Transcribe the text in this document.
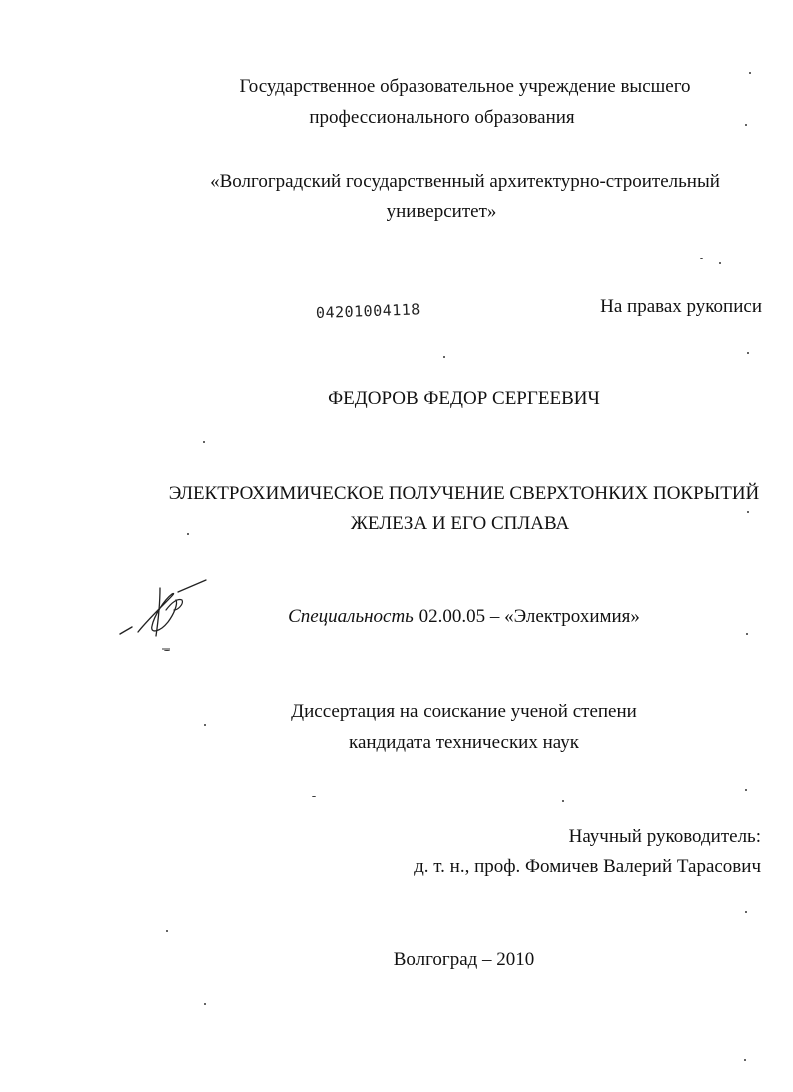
Государственное образовательное учреждение высшего
профессионального образования
«Волгоградский государственный архитектурно-строительный
университет»
04201004118	На правах рукописи
ФЕДОРОВ ФЕДОР СЕРГЕЕВИЧ
ЭЛЕКТРОХИМИЧЕСКОЕ ПОЛУЧЕНИЕ СВЕРХТОНКИХ ПОКРЫТИЙ
ЖЕЛЕЗА И ЕГО СПЛАВА
Специальность 02.00.05 – «Электрохимия»
Диссертация на соискание ученой степени
кандидата технических наук
Научный руководитель:
д. т. н., проф. Фомичев Валерий Тарасович
Волгоград – 2010
